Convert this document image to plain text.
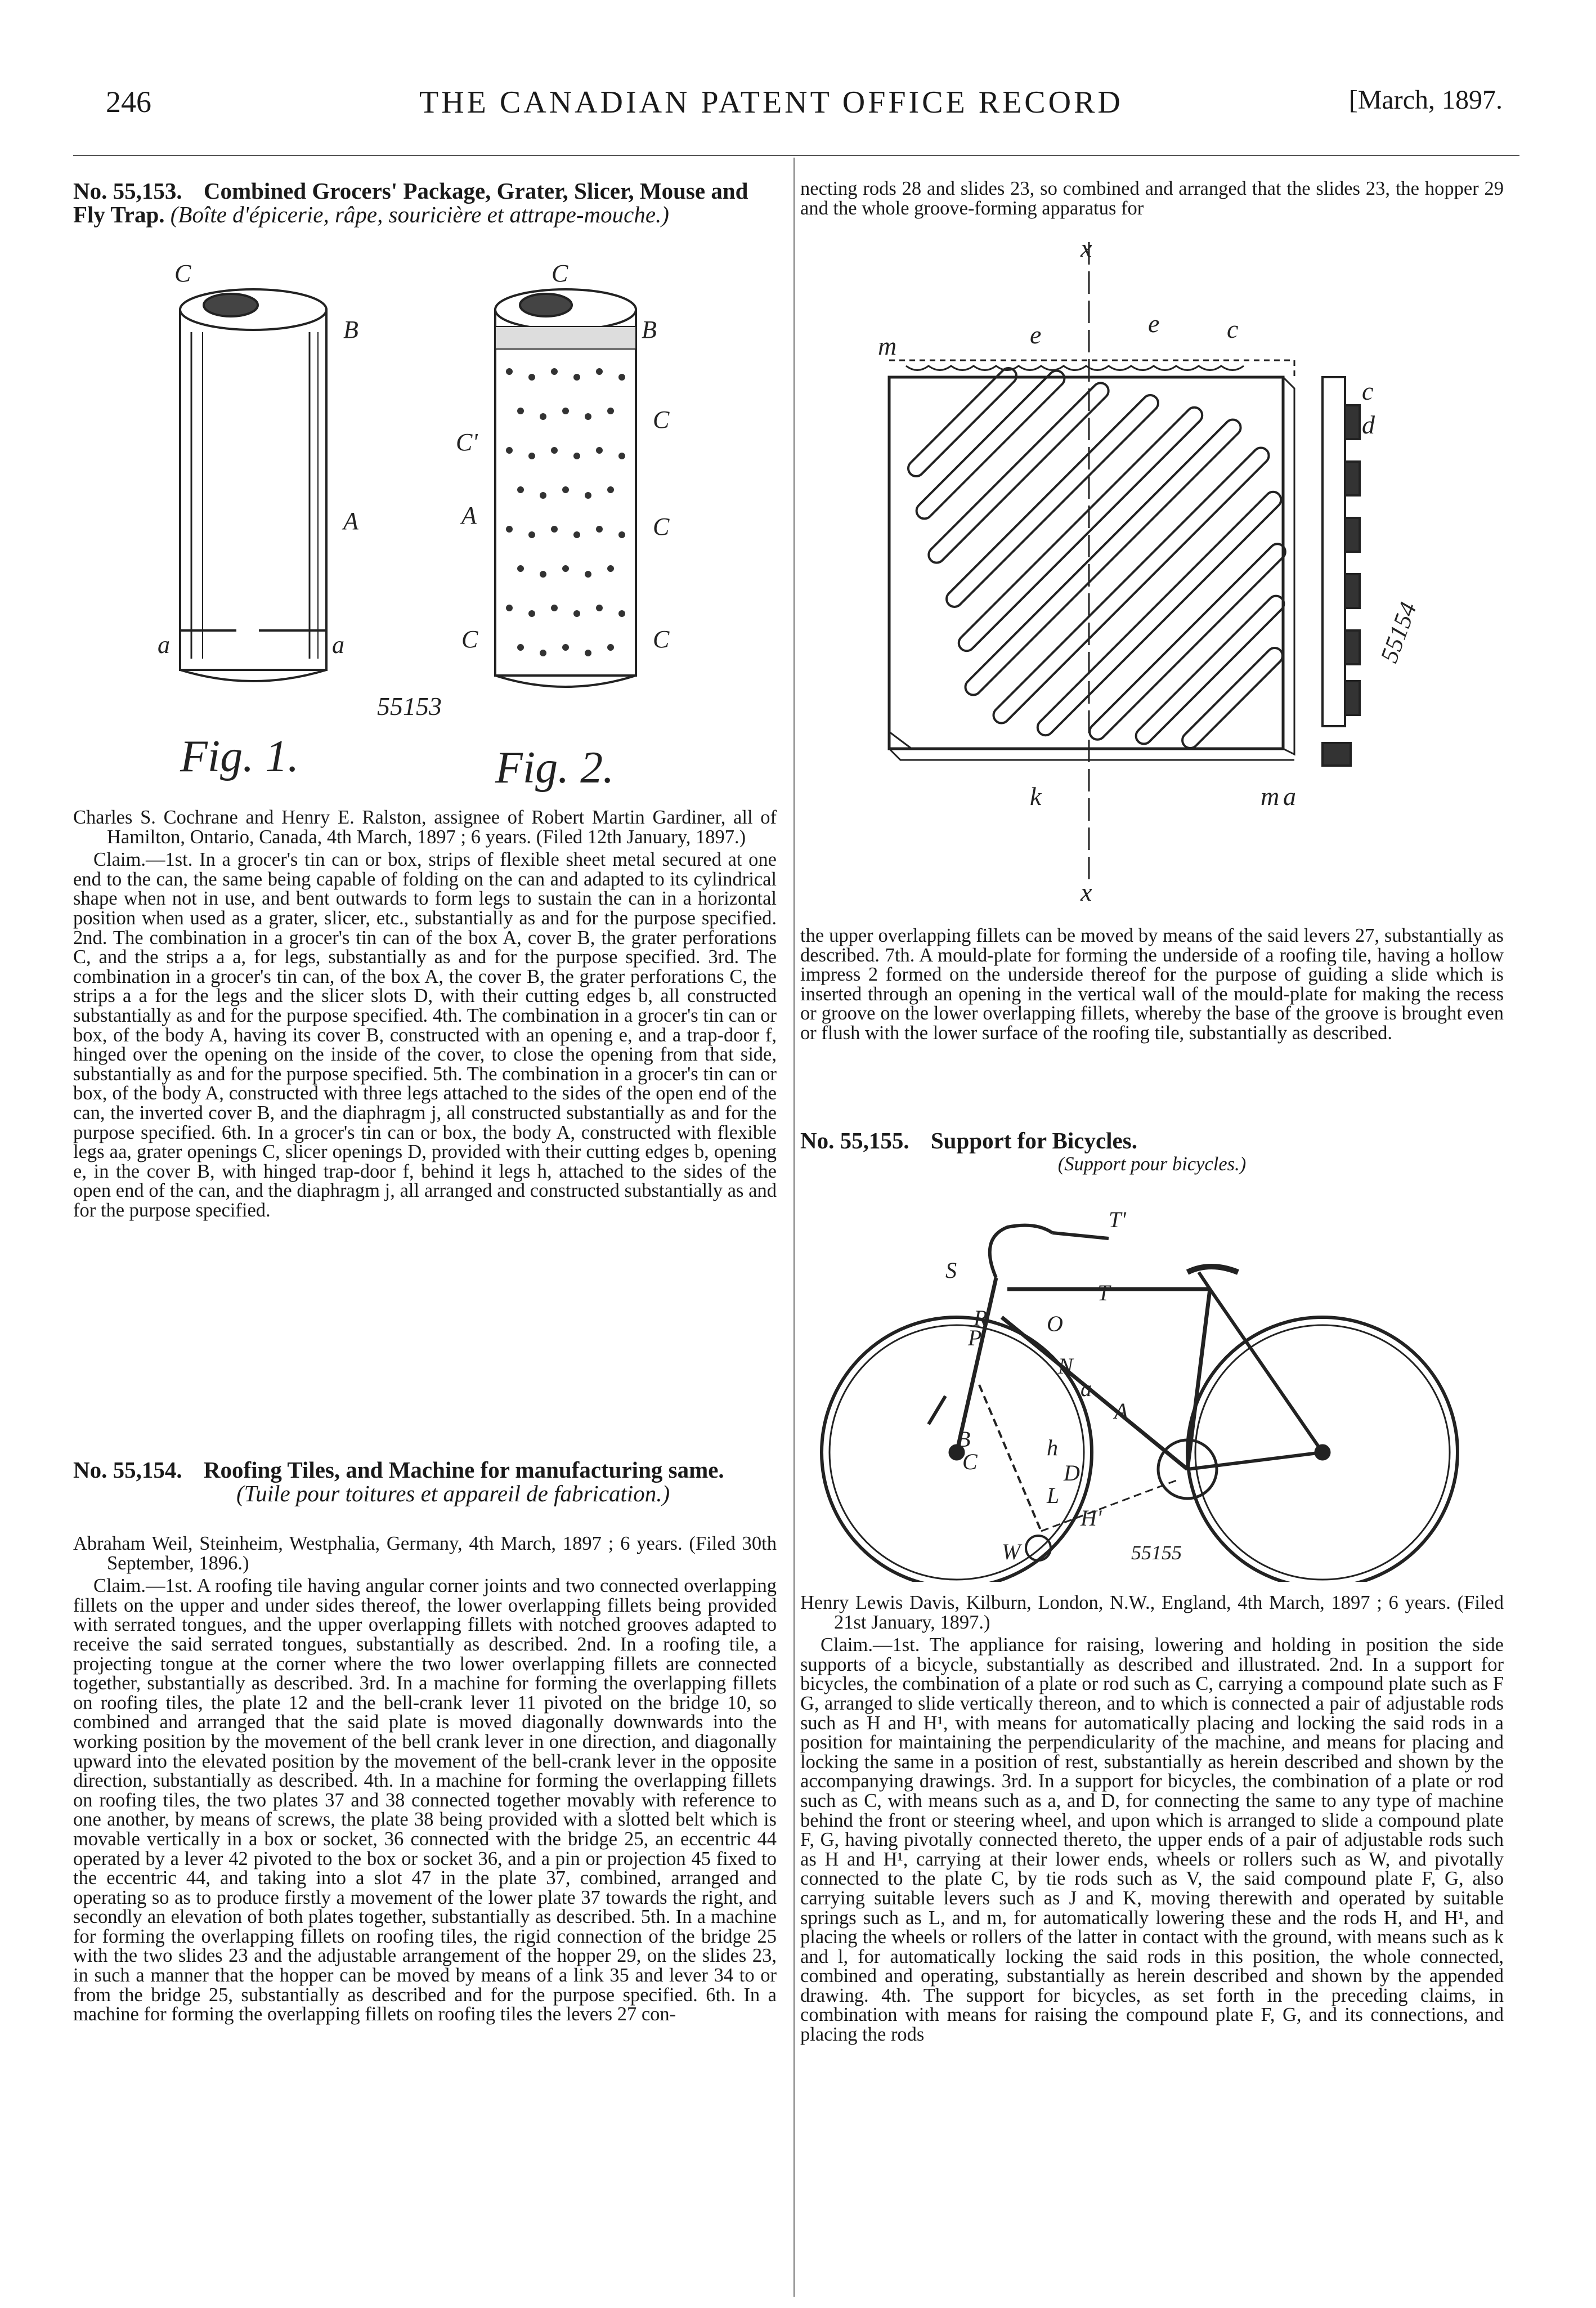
246	THE CANADIAN PATENT OFFICE RECORD	[March, 1897.

No. 55,153. Combined Grocers' Package, Grater, Slicer, Mouse and Fly Trap. (Boîte d'épicerie, râpe, souricière et attrape-mouche.)

C
B
A
a	a
C
B
C'
C
A	C
C	C
55153
Fig. 1.	Fig. 2.

Charles S. Cochrane and Henry E. Ralston, assignee of Robert Martin Gardiner, all of Hamilton, Ontario, Canada, 4th March, 1897 ; 6 years. (Filed 12th January, 1897.)

Claim.—1st. In a grocer's tin can or box, strips of flexible sheet metal secured at one end to the can, the same being capable of folding on the can and adapted to its cylindrical shape when not in use, and bent outwards to form legs to sustain the can in a horizontal position when used as a grater, slicer, etc., substantially as and for the purpose specified. 2nd. The combination in a grocer's tin can of the box A, cover B, the grater perforations C, and the strips a a, for legs, substantially as and for the purpose specified. 3rd. The combination in a grocer's tin can, of the box A, the cover B, the grater perforations C, the strips a a for the legs and the slicer slots D, with their cutting edges b, all constructed substantially as and for the purpose specified. 4th. The combination in a grocer's tin can or box, of the body A, having its cover B, constructed with an opening e, and a trap-door f, hinged over the opening on the inside of the cover, to close the opening from that side, substantially as and for the purpose specified. 5th. The combination in a grocer's tin can or box, of the body A, constructed with three legs attached to the sides of the open end of the can, the inverted cover B, and the diaphragm j, all constructed substantially as and for the purpose specified. 6th. In a grocer's tin can or box, the body A, constructed with flexible legs aa, grater openings C, slicer openings D, provided with their cutting edges b, opening e, in the cover B, with hinged trap-door f, behind it legs h, attached to the sides of the open end of the can, and the diaphragm j, all arranged and constructed substantially as and for the purpose specified.

No. 55,154. Roofing Tiles, and Machine for manufacturing same. (Tuile pour toitures et appareil de fabrication.)

Abraham Weil, Steinheim, Westphalia, Germany, 4th March, 1897 ; 6 years. (Filed 30th September, 1896.)

Claim.—1st. A roofing tile having angular corner joints and two connected overlapping fillets on the upper and under sides thereof, the lower overlapping fillets being provided with serrated tongues, and the upper overlapping fillets with notched grooves adapted to receive the said serrated tongues, substantially as described. 2nd. In a roofing tile, a projecting tongue at the corner where the two lower overlapping fillets are connected together, substantially as described. 3rd. In a machine for forming the overlapping fillets on roofing tiles, the plate 12 and the bell-crank lever 11 pivoted on the bridge 10, so combined and arranged that the said plate is moved diagonally downwards into the working position by the movement of the bell crank lever in one direction, and diagonally upward into the elevated position by the movement of the bell-crank lever in the opposite direction, substantially as described. 4th. In a machine for forming the overlapping fillets on roofing tiles, the two plates 37 and 38 connected together movably with reference to one another, by means of screws, the plate 38 being provided with a slotted belt which is movable vertically in a box or socket, 36 connected with the bridge 25, an eccentric 44 operated by a lever 42 pivoted to the box or socket 36, and a pin or projection 45 fixed to the eccentric 44, and taking into a slot 47 in the plate 37, combined, arranged and operating so as to produce firstly a movement of the lower plate 37 towards the right, and secondly an elevation of both plates together, substantially as described. 5th. In a machine for forming the overlapping fillets on roofing tiles, the rigid connection of the bridge 25 with the two slides 23 and the adjustable arrangement of the hopper 29, on the slides 23, in such a manner that the hopper can be moved by means of a link 35 and lever 34 to or from the bridge 25, substantially as described and for the purpose specified. 6th. In a machine for forming the overlapping fillets on roofing tiles the levers 27 con-

necting rods 28 and slides 23, so combined and arranged that the slides 23, the hopper 29 and the whole groove-forming apparatus for

x
m	e	e	c
c
d
k	m a
x
55154

the upper overlapping fillets can be moved by means of the said levers 27, substantially as described. 7th. A mould-plate for forming the underside of a roofing tile, having a hollow impress 2 formed on the underside thereof for the purpose of guiding a slide which is inserted through an opening in the vertical wall of the mould-plate for making the recess or groove on the lower overlapping fillets, whereby the base of the groove is brought even or flush with the lower surface of the roofing tile, substantially as described.

No. 55,155. Support for Bicycles.

(Support pour bicycles.)

T'
S
T
R
P
O
N
a
A
B
C
h
D
L
H'
W	55155

Henry Lewis Davis, Kilburn, London, N.W., England, 4th March, 1897 ; 6 years. (Filed 21st January, 1897.)

Claim.—1st. The appliance for raising, lowering and holding in position the side supports of a bicycle, substantially as described and illustrated. 2nd. In a support for bicycles, the combination of a plate or rod such as C, carrying a compound plate such as F G, arranged to slide vertically thereon, and to which is connected a pair of adjustable rods such as H and H¹, with means for automatically placing and locking the said rods in a position for maintaining the perpendicularity of the machine, and means for placing and locking the same in a position of rest, substantially as herein described and shown by the accompanying drawings. 3rd. In a support for bicycles, the combination of a plate or rod such as C, with means such as a, and D, for connecting the same to any type of machine behind the front or steering wheel, and upon which is arranged to slide a compound plate F, G, having pivotally connected thereto, the upper ends of a pair of adjustable rods such as H and H¹, carrying at their lower ends, wheels or rollers such as W, and pivotally connected to the plate C, by tie rods such as V, the said compound plate F, G, also carrying suitable levers such as J and K, moving therewith and operated by suitable springs such as L, and m, for automatically lowering these and the rods H, and H¹, and placing the wheels or rollers of the latter in contact with the ground, with means such as k and l, for automatically locking the said rods in this position, the whole connected, combined and operating, substantially as herein described and shown by the appended drawing. 4th. The support for bicycles, as set forth in the preceding claims, in combination with means for raising the compound plate F, G, and its connections, and placing the rods
